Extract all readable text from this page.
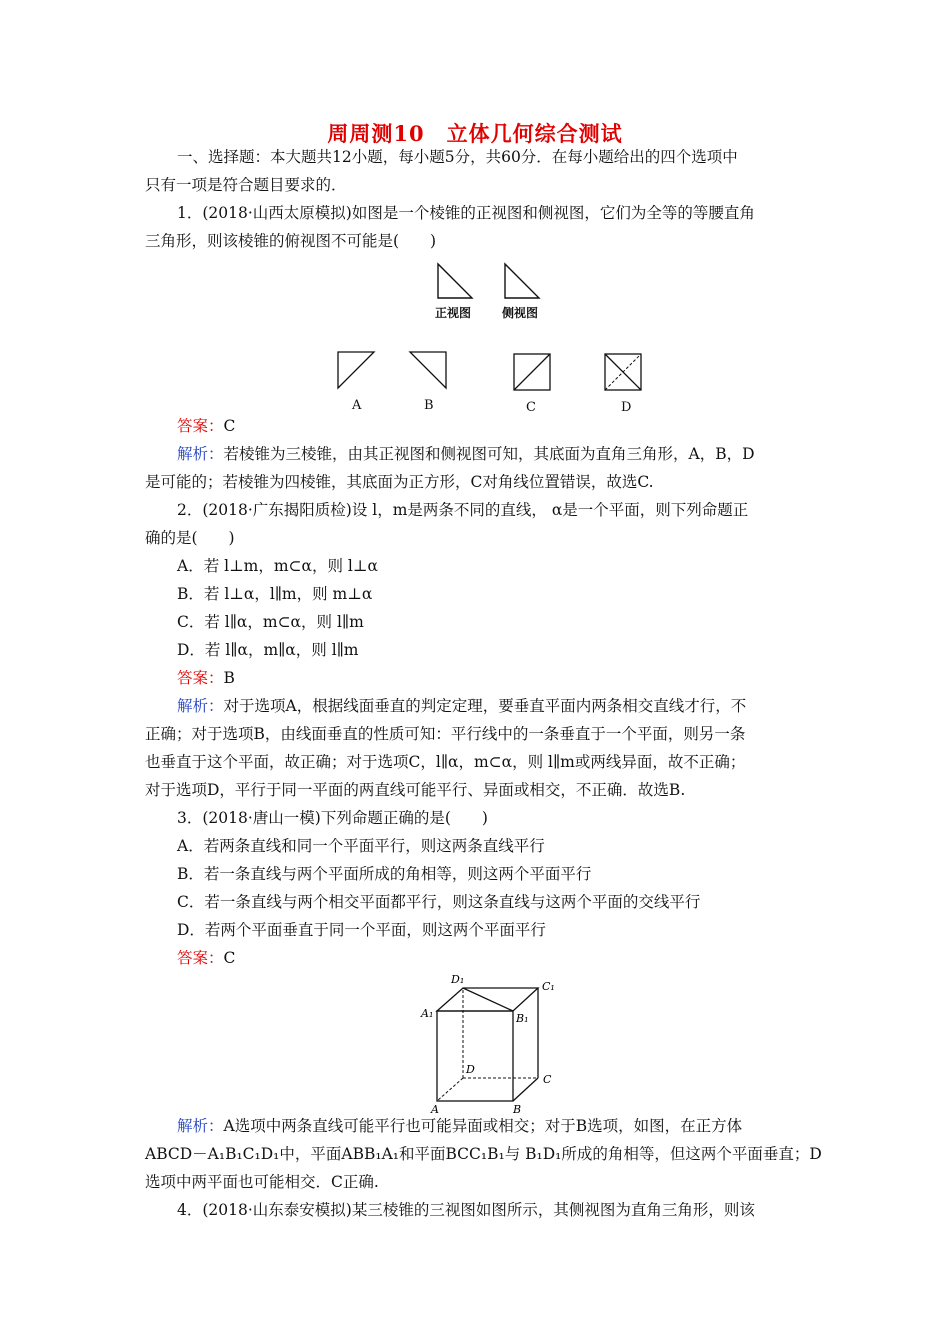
周周测10　立体几何综合测试
一、选择题：本大题共12小题，每小题5分，共60分．在每小题给出的四个选项中
只有一项是符合题目要求的．
1．(2018·山西太原模拟)如图是一个棱锥的正视图和侧视图，它们为全等的等腰直角
三角形，则该棱锥的俯视图不可能是(　　)
正视图	侧视图
A	B	C	D
答案：C
解析：若棱锥为三棱锥，由其正视图和侧视图可知，其底面为直角三角形，A，B，D
是可能的；若棱锥为四棱锥，其底面为正方形，C对角线位置错误，故选C.
2．(2018·广东揭阳质检)设 l，m是两条不同的直线， α是一个平面，则下列命题正
确的是(　　)
A．若 l⊥m，m⊂α，则 l⊥α
B．若 l⊥α，l∥m，则 m⊥α
C．若 l∥α，m⊂α，则 l∥m
D．若 l∥α，m∥α，则 l∥m
答案：B
解析：对于选项A，根据线面垂直的判定定理，要垂直平面内两条相交直线才行，不
正确；对于选项B，由线面垂直的性质可知：平行线中的一条垂直于一个平面，则另一条
也垂直于这个平面，故正确；对于选项C，l∥α，m⊂α，则 l∥m或两线异面，故不正确；
对于选项D，平行于同一平面的两直线可能平行、异面或相交，不正确．故选B.
3．(2018·唐山一模)下列命题正确的是(　　)
A．若两条直线和同一个平面平行，则这两条直线平行
B．若一条直线与两个平面所成的角相等，则这两个平面平行
C．若一条直线与两个相交平面都平行，则这条直线与这两个平面的交线平行
D．若两个平面垂直于同一个平面，则这两个平面平行
答案：C
D₁
C₁
A₁	B₁
D
C
A	B
解析：A选项中两条直线可能平行也可能异面或相交；对于B选项，如图，在正方体
ABCD－A₁B₁C₁D₁中，平面ABB₁A₁和平面BCC₁B₁与 B₁D₁所成的角相等，但这两个平面垂直；D
选项中两平面也可能相交．C正确.
4．(2018·山东泰安模拟)某三棱锥的三视图如图所示，其侧视图为直角三角形，则该
